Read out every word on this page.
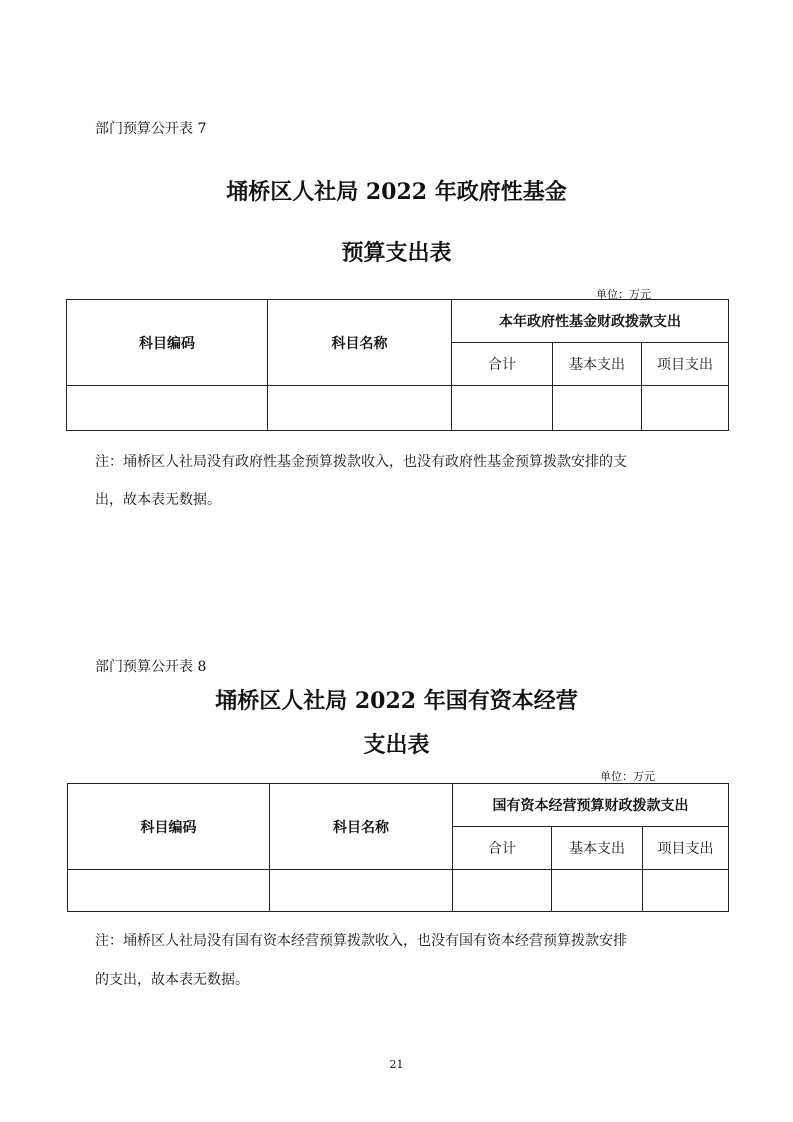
部门预算公开表 7
埇桥区人社局 2022 年政府性基金
预算支出表
单位：万元
科目编码	科目名称	本年政府性基金财政拨款支出		
		合计	基本支出	项目支出

注：埇桥区人社局没有政府性基金预算拨款收入，也没有政府性基金预算拨款安排的支
出，故本表无数据。
部门预算公开表 8
埇桥区人社局 2022 年国有资本经营
支出表
单位：万元
科目编码	科目名称	国有资本经营预算财政拨款支出		
		合计	基本支出	项目支出

注：埇桥区人社局没有国有资本经营预算拨款收入，也没有国有资本经营预算拨款安排
的支出，故本表无数据。
21
